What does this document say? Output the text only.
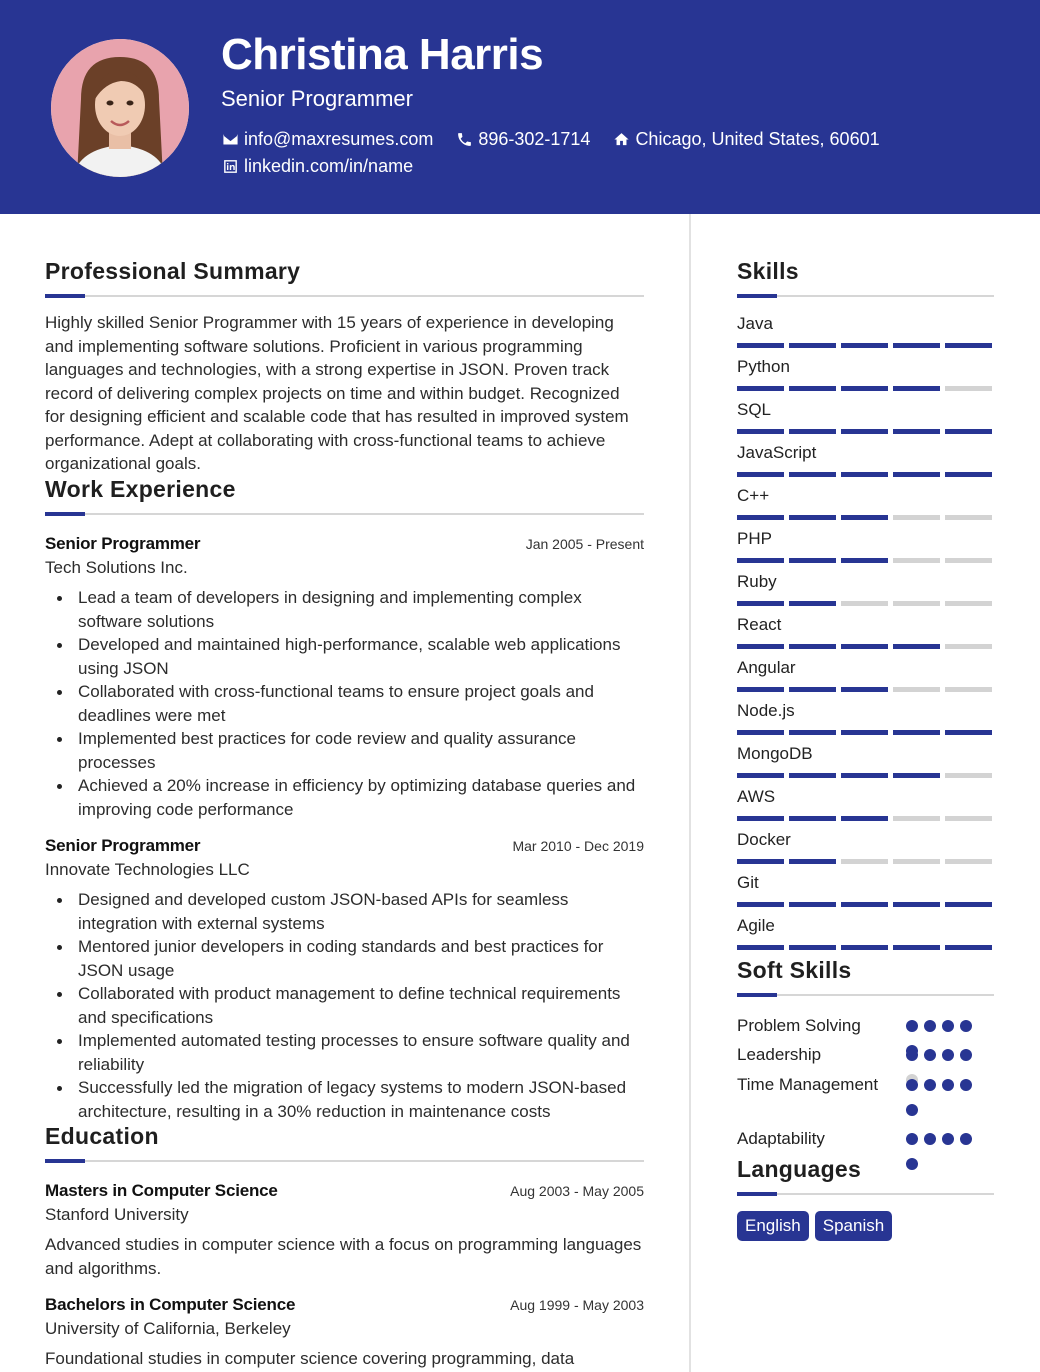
Christina Harris
Senior Programmer
info@maxresumes.com	896-302-1714	Chicago, United States, 60601
linkedin.com/in/name
Professional Summary
Highly skilled Senior Programmer with 15 years of experience in developing and implementing software solutions. Proficient in various programming languages and technologies, with a strong expertise in JSON. Proven track record of delivering complex projects on time and within budget. Recognized for designing efficient and scalable code that has resulted in improved system performance. Adept at collaborating with cross-functional teams to achieve organizational goals.
Work Experience
Senior Programmer	Jan 2005 - Present
Tech Solutions Inc.
Lead a team of developers in designing and implementing complex software solutions
Developed and maintained high-performance, scalable web applications using JSON
Collaborated with cross-functional teams to ensure project goals and deadlines were met
Implemented best practices for code review and quality assurance processes
Achieved a 20% increase in efficiency by optimizing database queries and improving code performance
Senior Programmer	Mar 2010 - Dec 2019
Innovate Technologies LLC
Designed and developed custom JSON-based APIs for seamless integration with external systems
Mentored junior developers in coding standards and best practices for JSON usage
Collaborated with product management to define technical requirements and specifications
Implemented automated testing processes to ensure software quality and reliability
Successfully led the migration of legacy systems to modern JSON-based architecture, resulting in a 30% reduction in maintenance costs
Education
Masters in Computer Science	Aug 2003 - May 2005
Stanford University
Advanced studies in computer science with a focus on programming languages and algorithms.
Bachelors in Computer Science	Aug 1999 - May 2003
University of California, Berkeley
Foundational studies in computer science covering programming, data
Skills
Java
Python
SQL
JavaScript
C++
PHP
Ruby
React
Angular
Node.js
MongoDB
AWS
Docker
Git
Agile
Soft Skills
Problem Solving
Leadership
Time Management
Adaptability
Languages
English	Spanish
